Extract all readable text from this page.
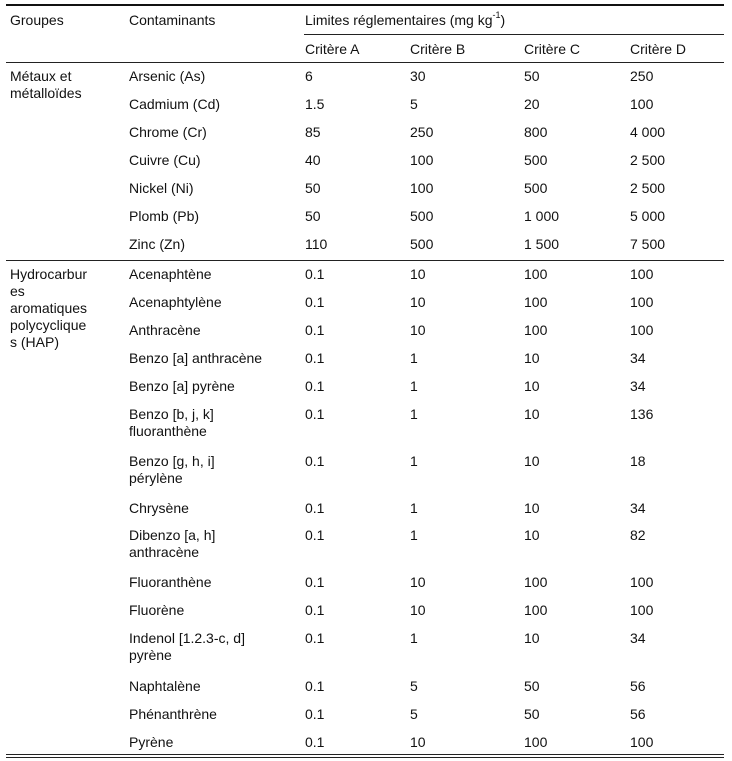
Groupes	Contaminants	Limites réglementaires (mg $kg^{-1}$)
Critère A	Critère B	Critère C	Critère D
Métaux et
métalloïdes
Arsenic (As)	6	30	50	250
Cadmium (Cd)	1.5	5	20	100
Chrome (Cr)	85	250	800	4 000
Cuivre (Cu)	40	100	500	2 500
Nickel (Ni)	50	100	500	2 500
Plomb (Pb)	50	500	1 000	5 000
Zinc (Zn)	110	500	1 500	7 500
Hydrocarbur
es
aromatiques
polycyclique
s (HAP)
Acenaphtène	0.1	10	100	100
Acenaphtylène	0.1	10	100	100
Anthracène	0.1	10	100	100
Benzo [a] anthracène	0.1	1	10	34
Benzo [a] pyrène	0.1	1	10	34
Benzo [b, j, k]
fluoranthène
0.1	1	10	136
Benzo [g, h, i]
pérylène
0.1	1	10	18
Chrysène	0.1	1	10	34
Dibenzo [a, h]
anthracène
0.1	1	10	82
Fluoranthène	0.1	10	100	100
Fluorène	0.1	10	100	100
Indenol [1.2.3-c, d]
pyrène
0.1	1	10	34
Naphtalène	0.1	5	50	56
Phénanthrène	0.1	5	50	56
Pyrène	0.1	10	100	100
